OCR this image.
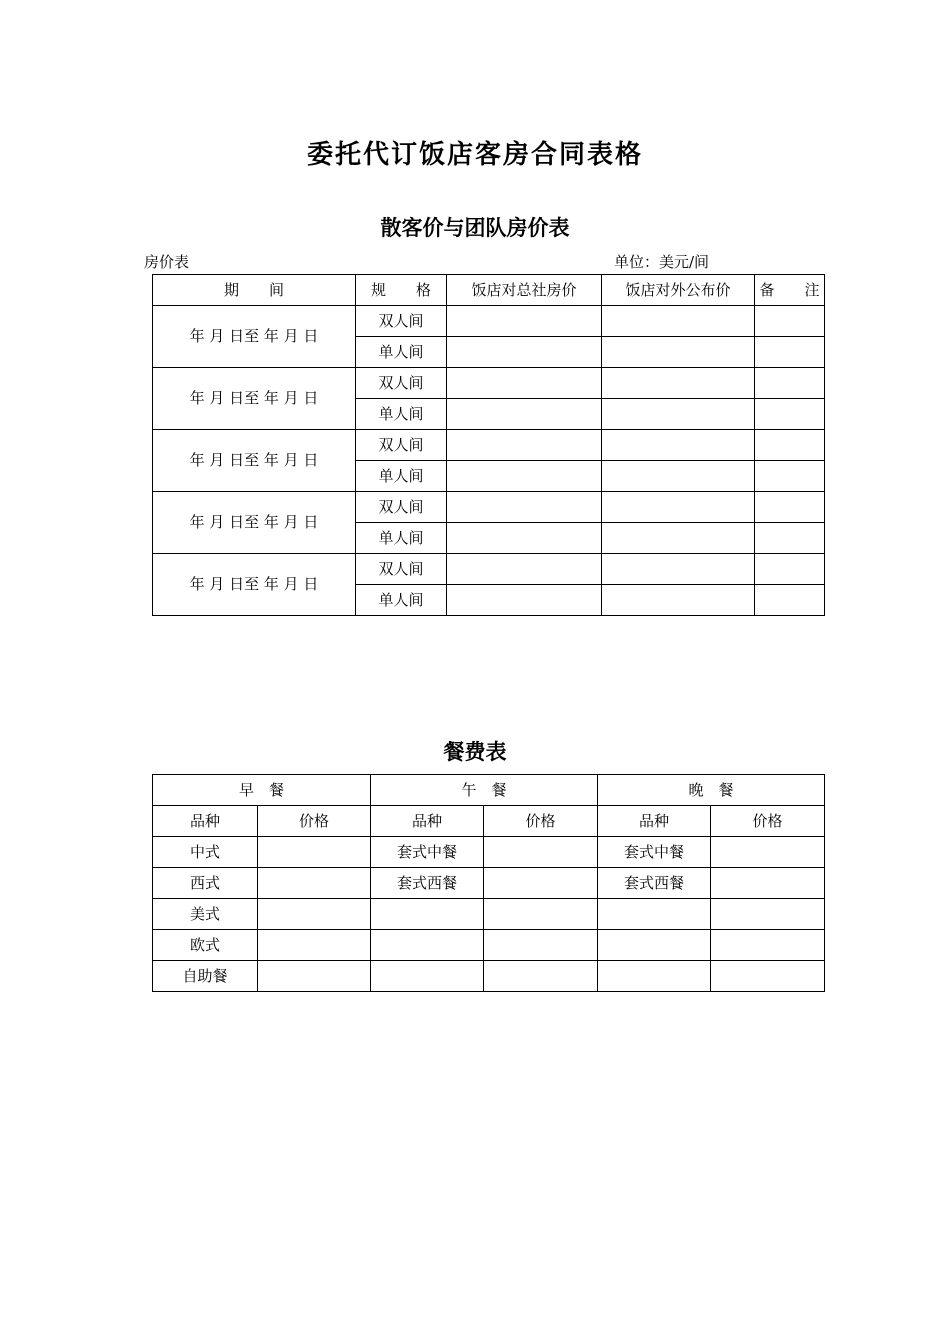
委托代订饭店客房合同表格
散客价与团队房价表
房价表	单位：美元/间
期　　间	规　　格	饭店对总社房价	饭店对外公布价	备　　注
年 月 日至 年 月 日	双人间			
	单人间			
年 月 日至 年 月 日	双人间			
	单人间			
年 月 日至 年 月 日	双人间			
	单人间			
年 月 日至 年 月 日	双人间			
	单人间			
年 月 日至 年 月 日	双人间			
	单人间			
餐费表
早　餐		午　餐		晚　餐	
品种	价格	品种	价格	品种	价格
中式		套式中餐		套式中餐	
西式		套式西餐		套式西餐	
美式					
欧式					
自助餐					
